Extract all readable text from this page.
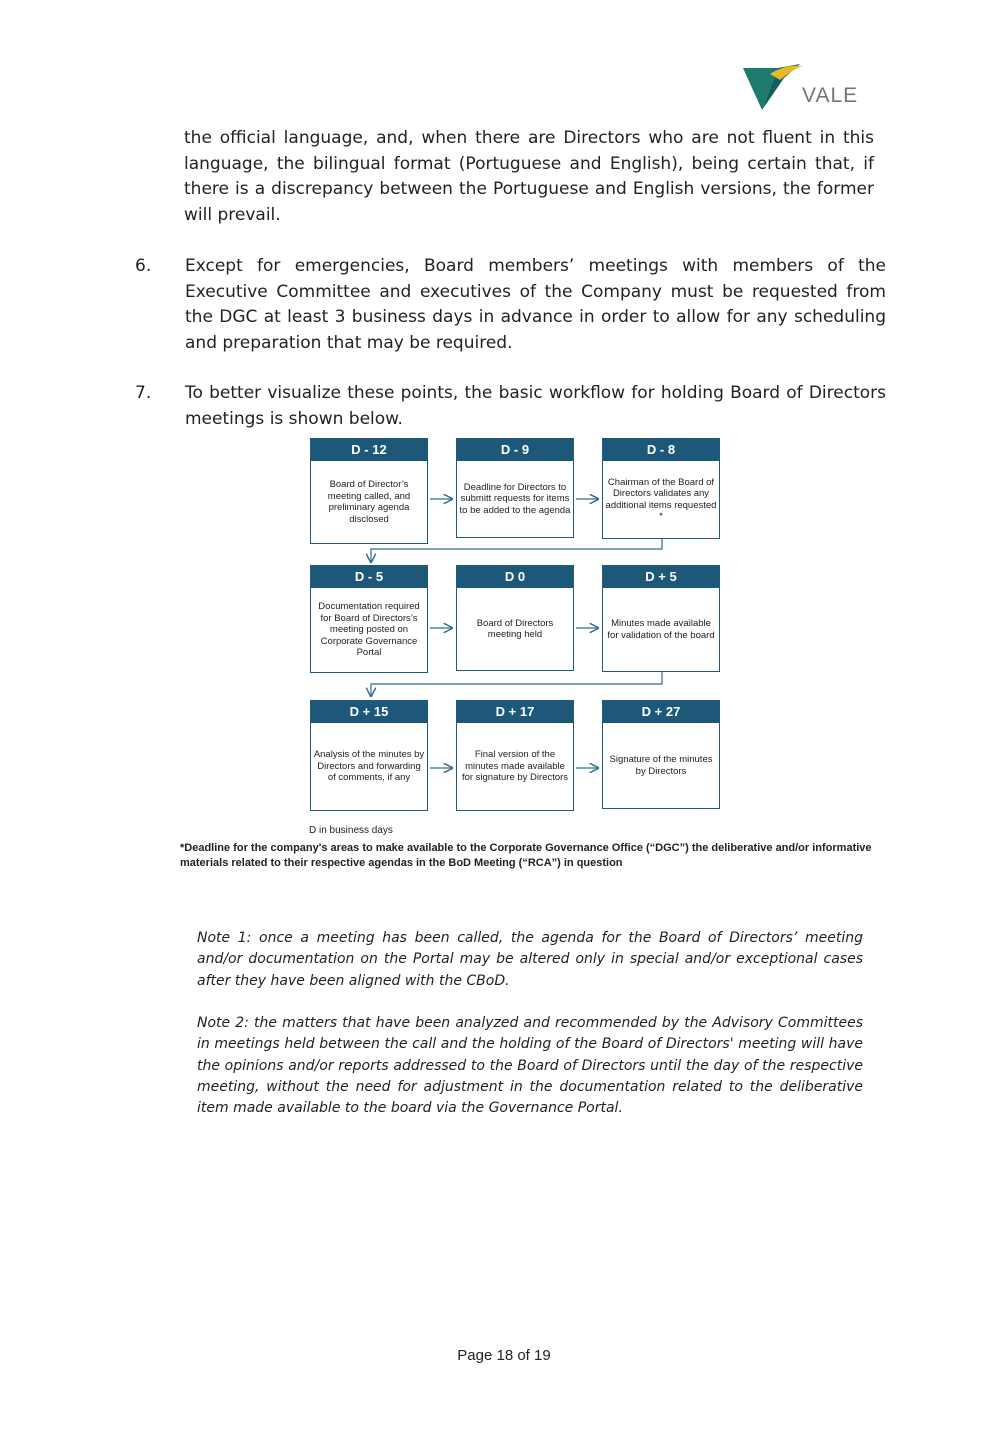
VALE
the official language, and, when there are Directors who are not fluent in this language, the bilingual format (Portuguese and English), being certain that, if there is a discrepancy between the Portuguese and English versions, the former will prevail.
6.	Except for emergencies, Board members’ meetings with members of the Executive Committee and executives of the Company must be requested from the DGC at least 3 business days in advance in order to allow for any scheduling and preparation that may be required.
7.	To better visualize these points, the basic workflow for holding Board of Directors meetings is shown below.
D - 12
Board of Director’s meeting called, and preliminary agenda disclosed
D - 9
Deadline for Directors to submitt requests for items to be added to the agenda
D - 8
Chairman of the Board of Directors validates any additional items requested *
D - 5
Documentation required for Board of Directors’s meeting posted on Corporate Governance Portal
D 0
Board of Directors meeting held
D + 5
Minutes made available for validation of the board
D + 15
Analysis of the minutes by Directors and forwarding of comments, if any
D + 17
Final version of the minutes made available for signature by Directors
D + 27
Signature of the minutes by Directors
D in business days
*Deadline for the company's areas to make available to the Corporate Governance Office (“DGC”) the deliberative and/or informative materials related to their respective agendas in the BoD Meeting (“RCA”) in question
Note 1: once a meeting has been called, the agenda for the Board of Directors’ meeting and/or documentation on the Portal may be altered only in special and/or exceptional cases after they have been aligned with the CBoD.
Note 2: the matters that have been analyzed and recommended by the Advisory Committees in meetings held between the call and the holding of the Board of Directors' meeting will have the opinions and/or reports addressed to the Board of Directors until the day of the respective meeting, without the need for adjustment in the documentation related to the deliberative item made available to the board via the Governance Portal.
Page 18 of 19
